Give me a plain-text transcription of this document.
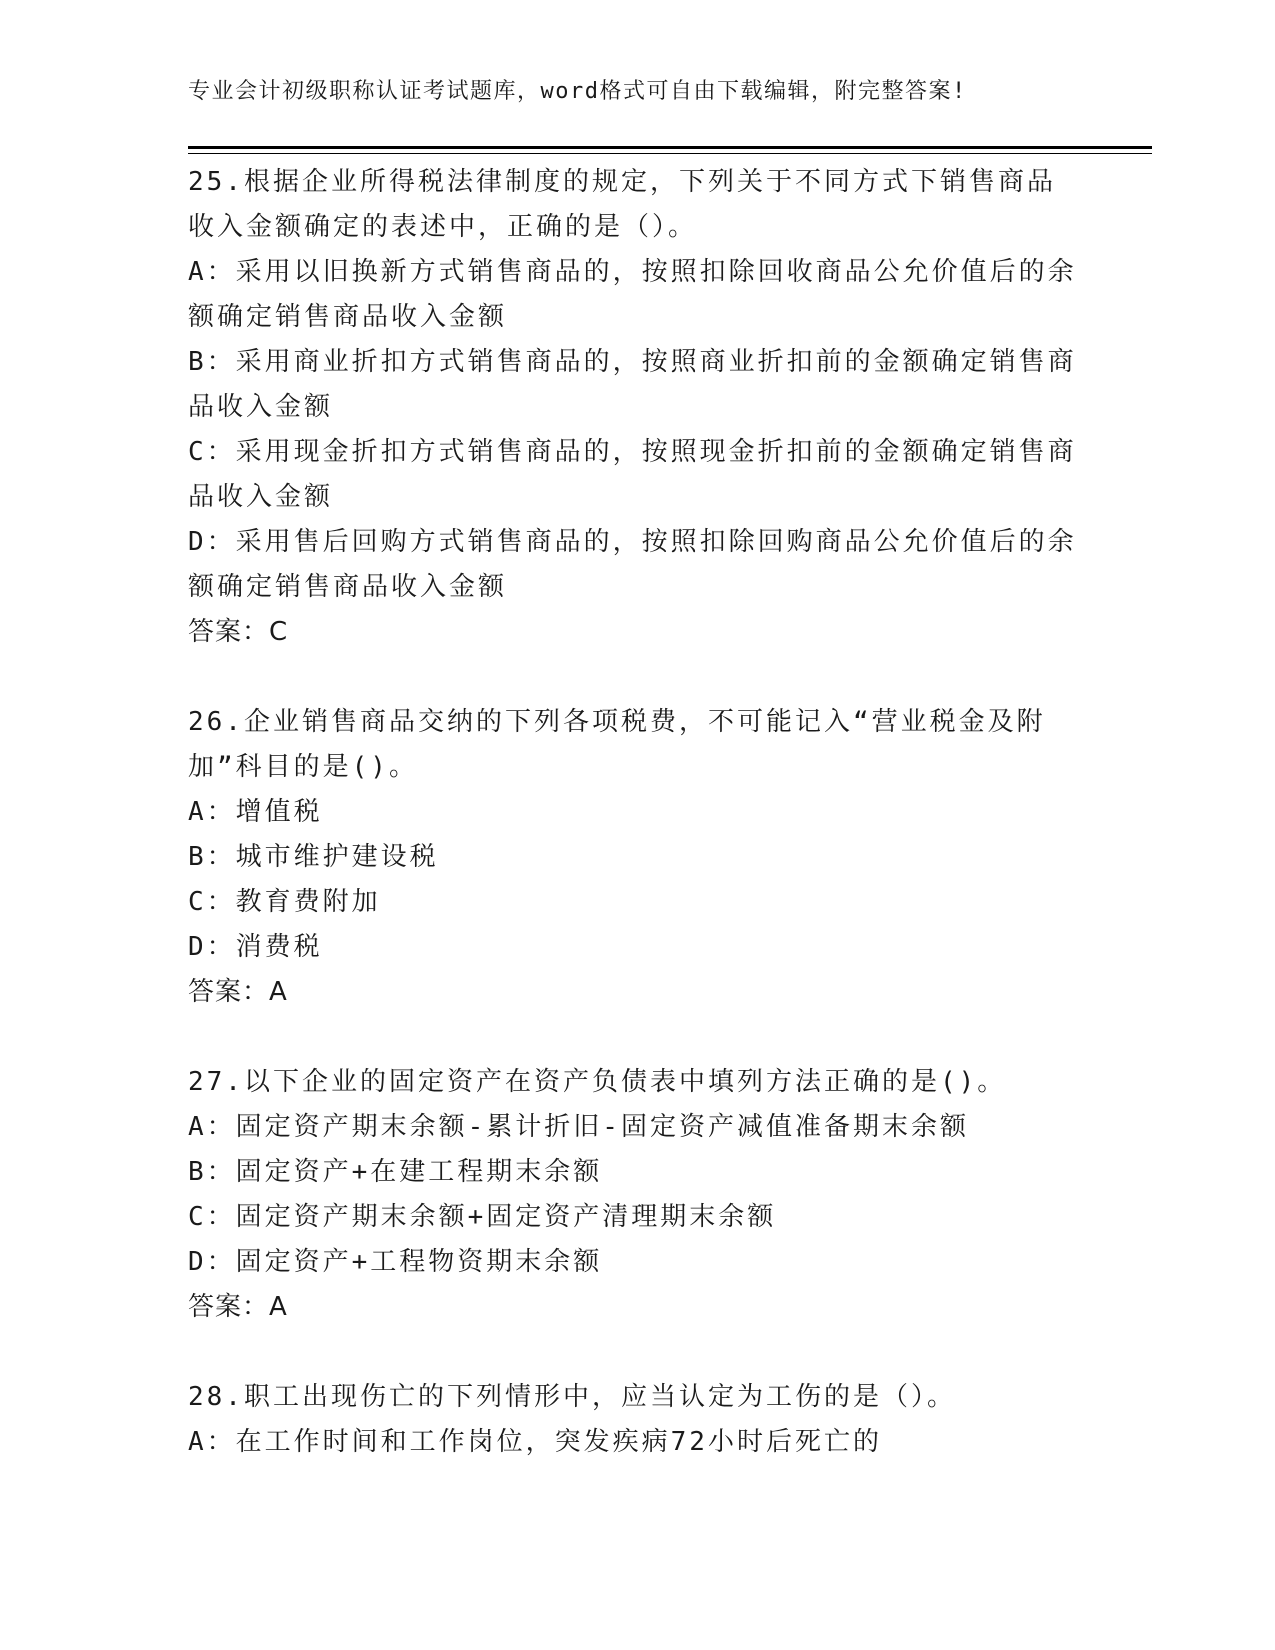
专业会计初级职称认证考试题库，word格式可自由下载编辑，附完整答案!

25.根据企业所得税法律制度的规定，下列关于不同方式下销售商品收入金额确定的表述中，正确的是（）。

A：采用以旧换新方式销售商品的，按照扣除回收商品公允价值后的余额确定销售商品收入金额

B：采用商业折扣方式销售商品的，按照商业折扣前的金额确定销售商品收入金额

C：采用现金折扣方式销售商品的，按照现金折扣前的金额确定销售商品收入金额

D：采用售后回购方式销售商品的，按照扣除回购商品公允价值后的余额确定销售商品收入金额

答案：C

26.企业销售商品交纳的下列各项税费，不可能记入“营业税金及附加”科目的是()。

A：增值税

B：城市维护建设税

C：教育费附加

D：消费税

答案：A

27.以下企业的固定资产在资产负债表中填列方法正确的是()。

A：固定资产期末余额-累计折旧-固定资产减值准备期末余额

B：固定资产+在建工程期末余额

C：固定资产期末余额+固定资产清理期末余额

D：固定资产+工程物资期末余额

答案：A

28.职工出现伤亡的下列情形中，应当认定为工伤的是（）。

A：在工作时间和工作岗位，突发疾病72小时后死亡的
